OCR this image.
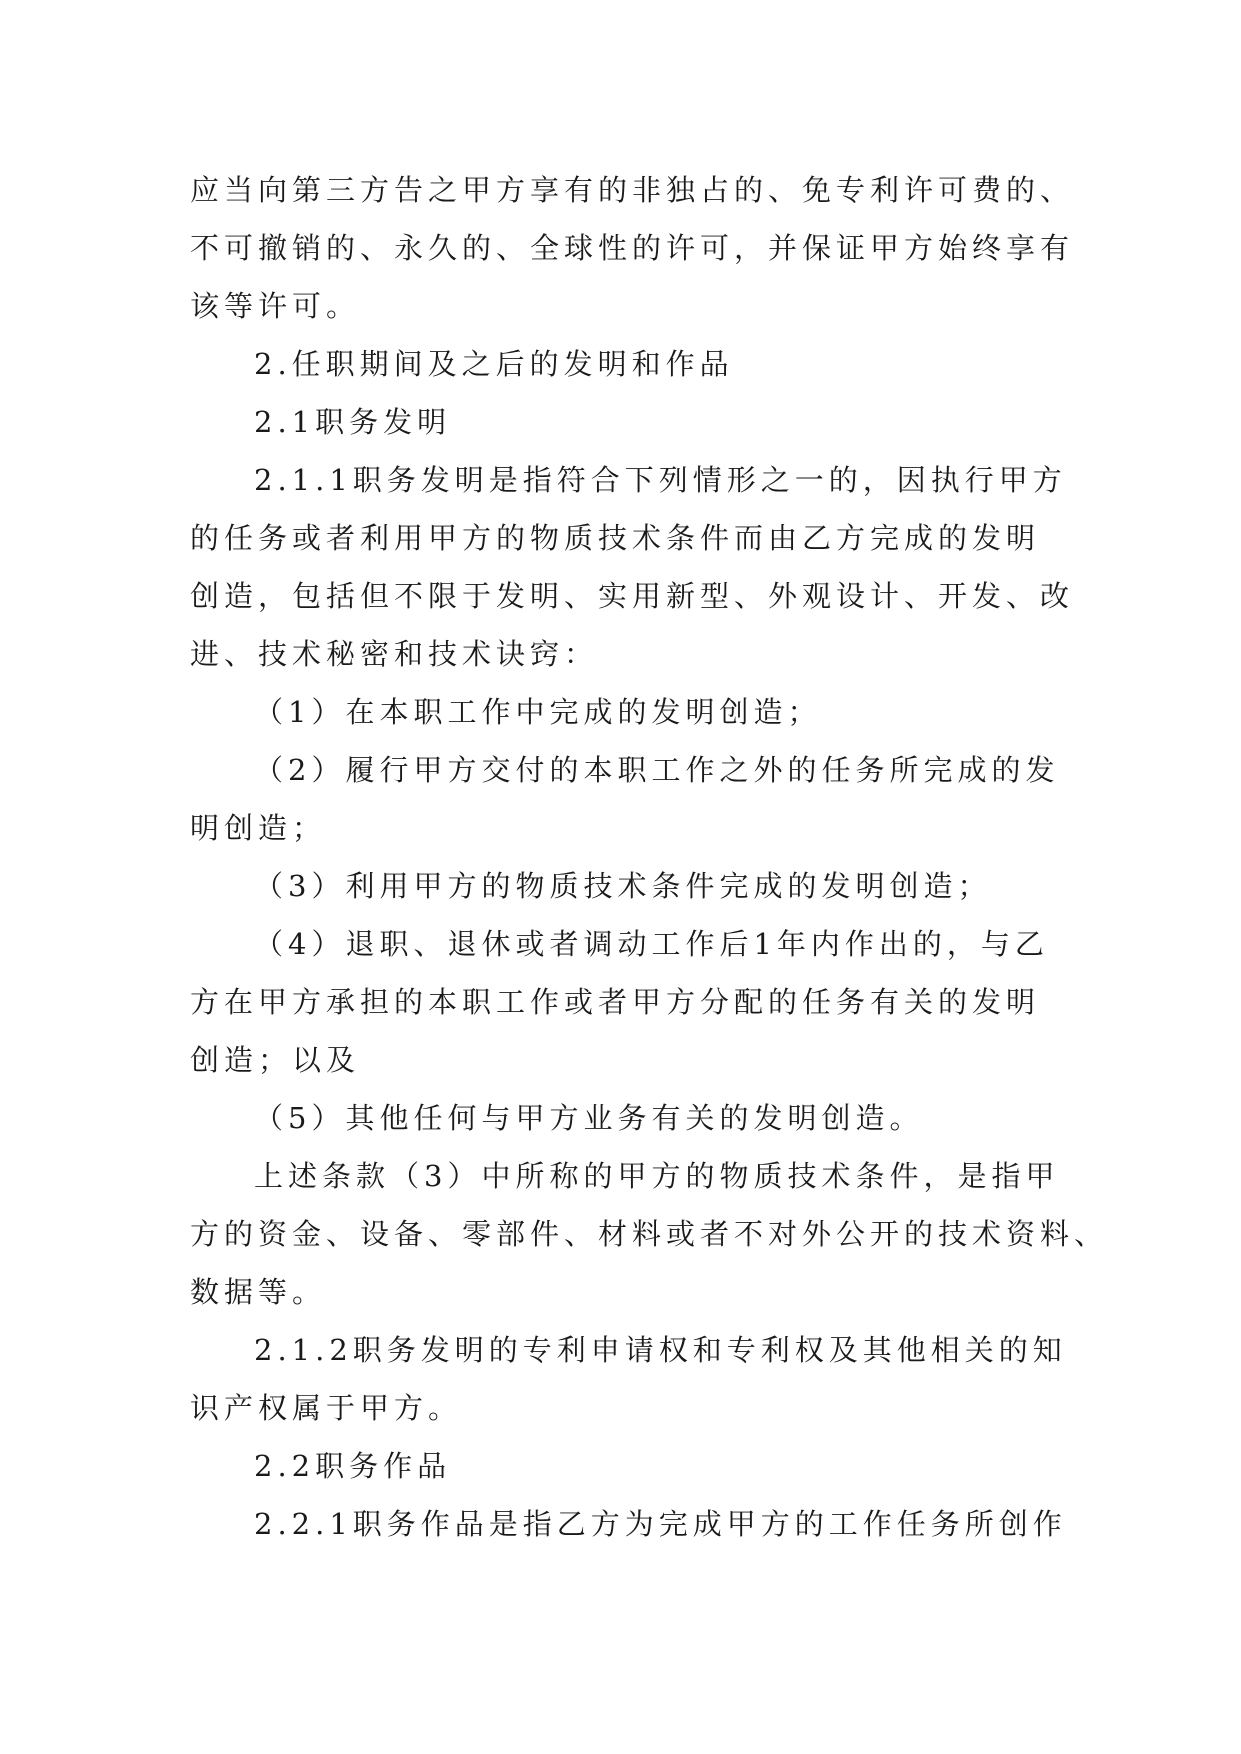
应当向第三方告之甲方享有的非独占的、免专利许可费的、
不可撤销的、永久的、全球性的许可，并保证甲方始终享有
该等许可。
2.任职期间及之后的发明和作品
2.1职务发明
2.1.1职务发明是指符合下列情形之一的，因执行甲方
的任务或者利用甲方的物质技术条件而由乙方完成的发明
创造，包括但不限于发明、实用新型、外观设计、开发、改
进、技术秘密和技术诀窍：
（1）在本职工作中完成的发明创造；
（2）履行甲方交付的本职工作之外的任务所完成的发
明创造；
（3）利用甲方的物质技术条件完成的发明创造；
（4）退职、退休或者调动工作后1年内作出的，与乙
方在甲方承担的本职工作或者甲方分配的任务有关的发明
创造；以及
（5）其他任何与甲方业务有关的发明创造。
上述条款（3）中所称的甲方的物质技术条件，是指甲
方的资金、设备、零部件、材料或者不对外公开的技术资料、
数据等。
2.1.2职务发明的专利申请权和专利权及其他相关的知
识产权属于甲方。
2.2职务作品
2.2.1职务作品是指乙方为完成甲方的工作任务所创作
